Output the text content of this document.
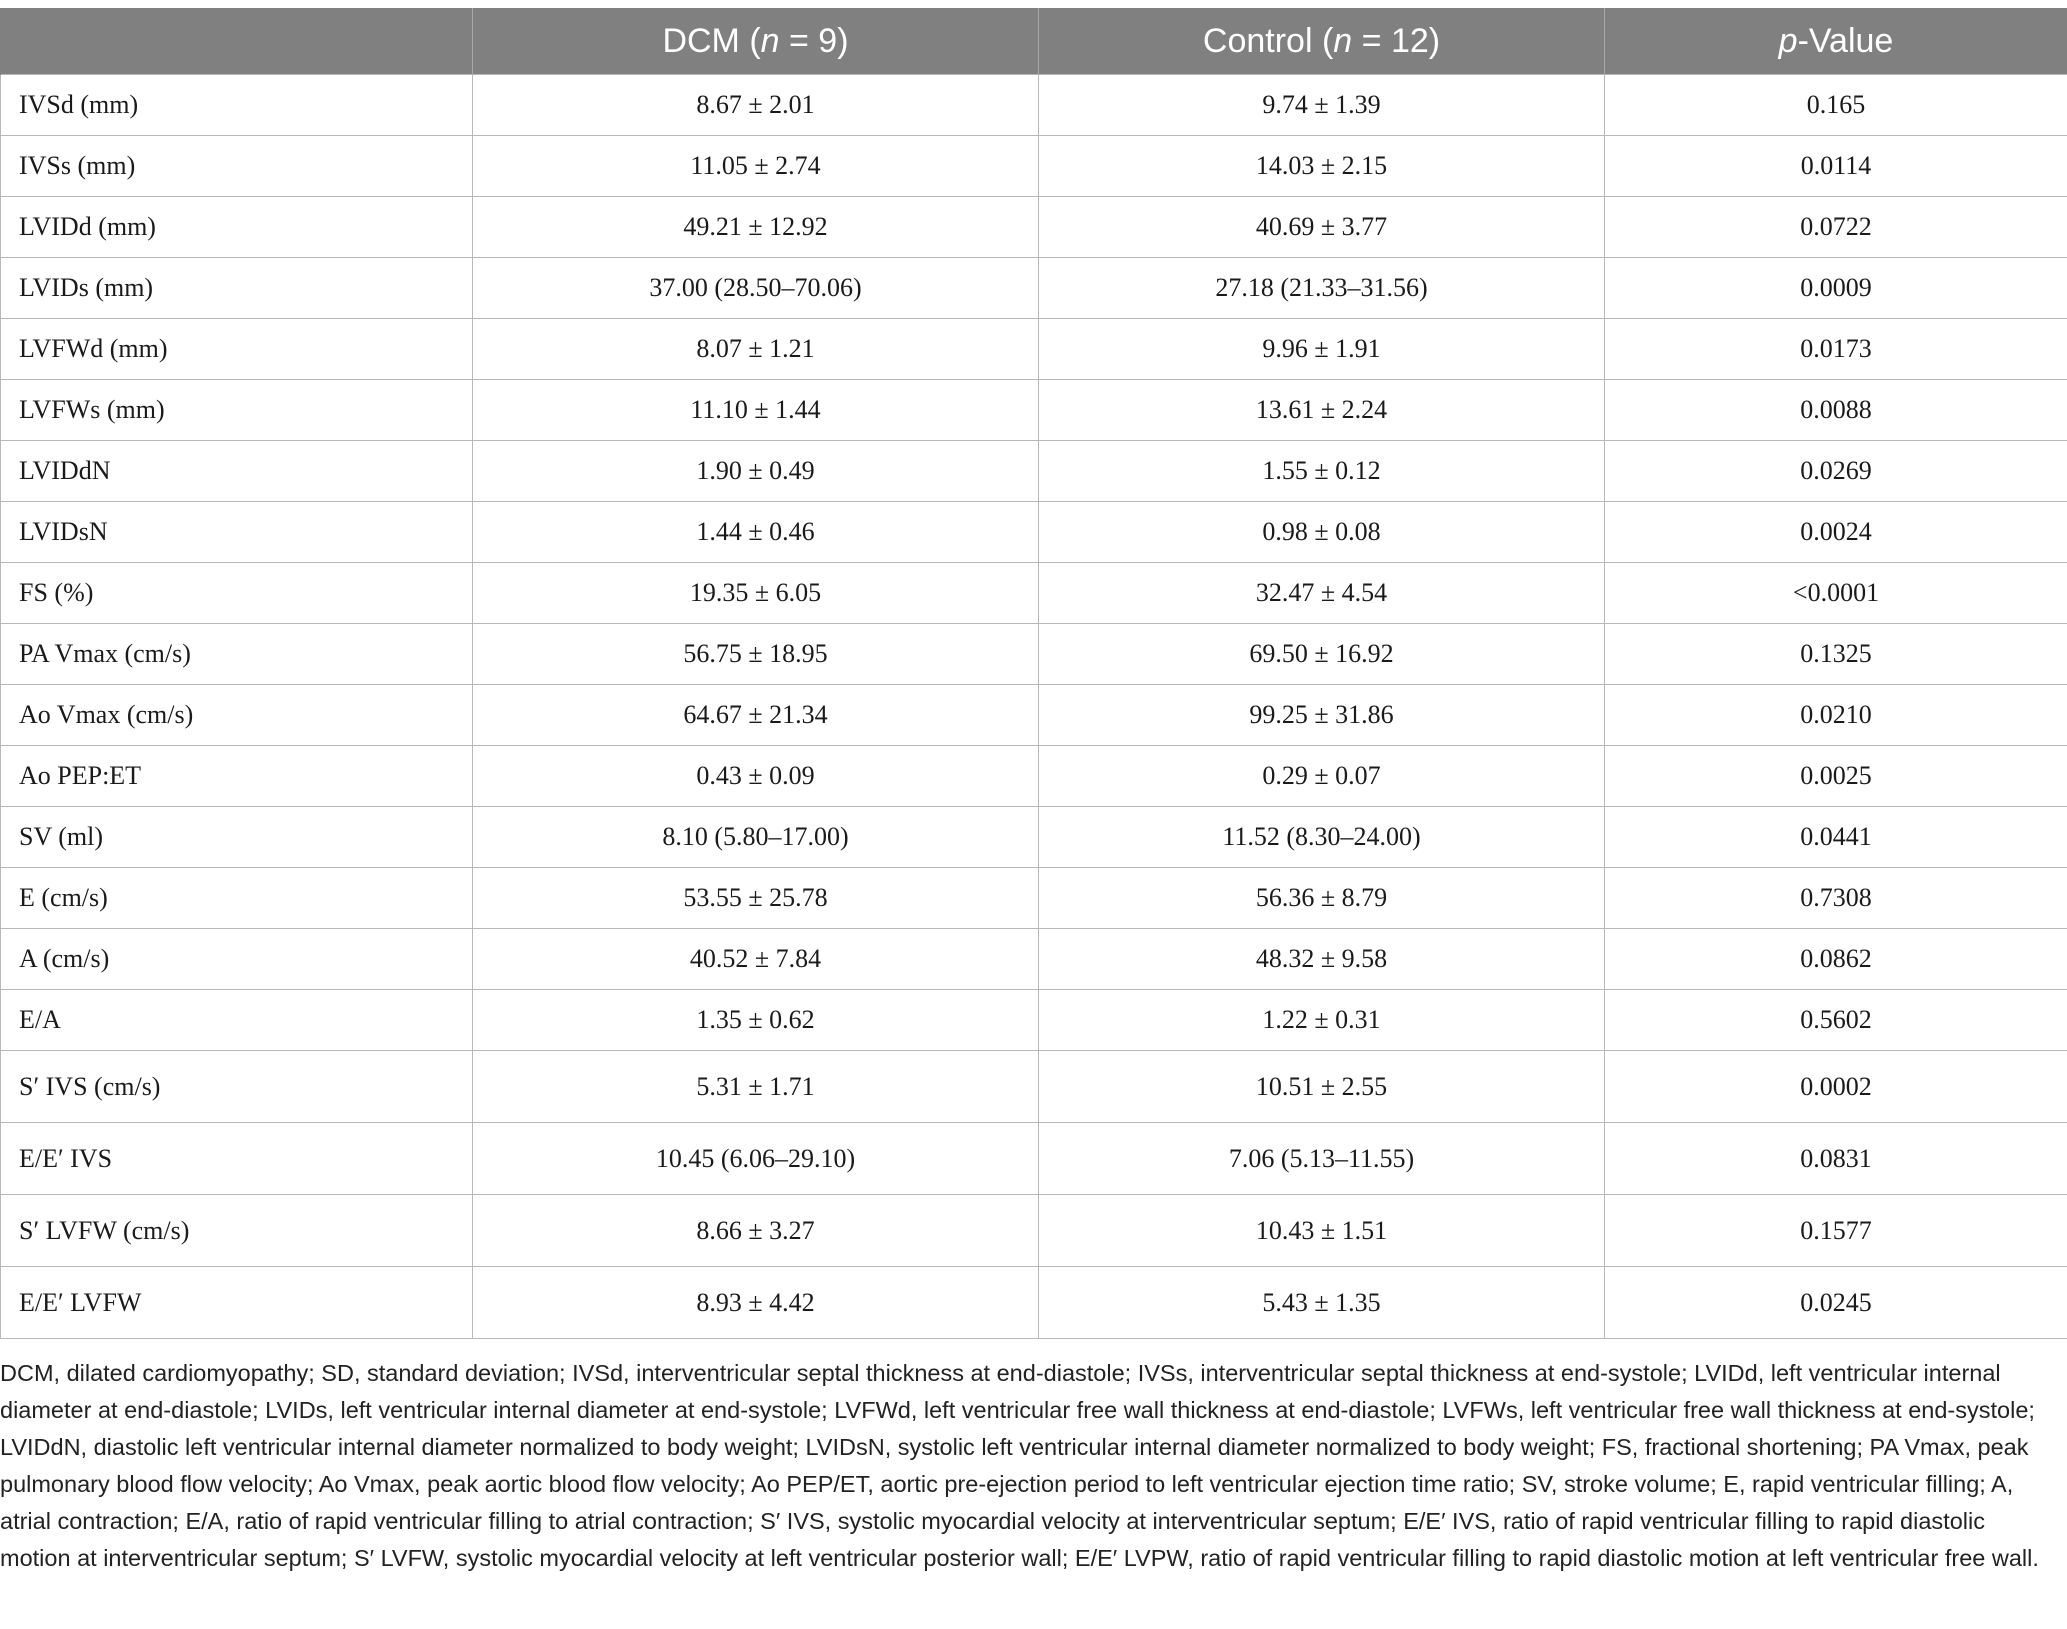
	DCM (n = 9)	Control (n = 12)	p-Value
IVSd (mm)	8.67 ± 2.01	9.74 ± 1.39	0.165
IVSs (mm)	11.05 ± 2.74	14.03 ± 2.15	0.0114
LVIDd (mm)	49.21 ± 12.92	40.69 ± 3.77	0.0722
LVIDs (mm)	37.00 (28.50–70.06)	27.18 (21.33–31.56)	0.0009
LVFWd (mm)	8.07 ± 1.21	9.96 ± 1.91	0.0173
LVFWs (mm)	11.10 ± 1.44	13.61 ± 2.24	0.0088
LVIDdN	1.90 ± 0.49	1.55 ± 0.12	0.0269
LVIDsN	1.44 ± 0.46	0.98 ± 0.08	0.0024
FS (%)	19.35 ± 6.05	32.47 ± 4.54	<0.0001
PA Vmax (cm/s)	56.75 ± 18.95	69.50 ± 16.92	0.1325
Ao Vmax (cm/s)	64.67 ± 21.34	99.25 ± 31.86	0.0210
Ao PEP:ET	0.43 ± 0.09	0.29 ± 0.07	0.0025
SV (ml)	8.10 (5.80–17.00)	11.52 (8.30–24.00)	0.0441
E (cm/s)	53.55 ± 25.78	56.36 ± 8.79	0.7308
A (cm/s)	40.52 ± 7.84	48.32 ± 9.58	0.0862
E/A	1.35 ± 0.62	1.22 ± 0.31	0.5602
S′ IVS (cm/s)	5.31 ± 1.71	10.51 ± 2.55	0.0002
E/E′ IVS	10.45 (6.06–29.10)	7.06 (5.13–11.55)	0.0831
S′ LVFW (cm/s)	8.66 ± 3.27	10.43 ± 1.51	0.1577
E/E′ LVFW	8.93 ± 4.42	5.43 ± 1.35	0.0245

DCM, dilated cardiomyopathy; SD, standard deviation; IVSd, interventricular septal thickness at end-diastole; IVSs, interventricular septal thickness at end-systole; LVIDd, left ventricular internal diameter at end-diastole; LVIDs, left ventricular internal diameter at end-systole; LVFWd, left ventricular free wall thickness at end-diastole; LVFWs, left ventricular free wall thickness at end-systole; LVIDdN, diastolic left ventricular internal diameter normalized to body weight; LVIDsN, systolic left ventricular internal diameter normalized to body weight; FS, fractional shortening; PA Vmax, peak pulmonary blood flow velocity; Ao Vmax, peak aortic blood flow velocity; Ao PEP/ET, aortic pre-ejection period to left ventricular ejection time ratio; SV, stroke volume; E, rapid ventricular filling; A, atrial contraction; E/A, ratio of rapid ventricular filling to atrial contraction; S′ IVS, systolic myocardial velocity at interventricular septum; E/E′ IVS, ratio of rapid ventricular filling to rapid diastolic motion at interventricular septum; S′ LVFW, systolic myocardial velocity at left ventricular posterior wall; E/E′ LVPW, ratio of rapid ventricular filling to rapid diastolic motion at left ventricular free wall.
